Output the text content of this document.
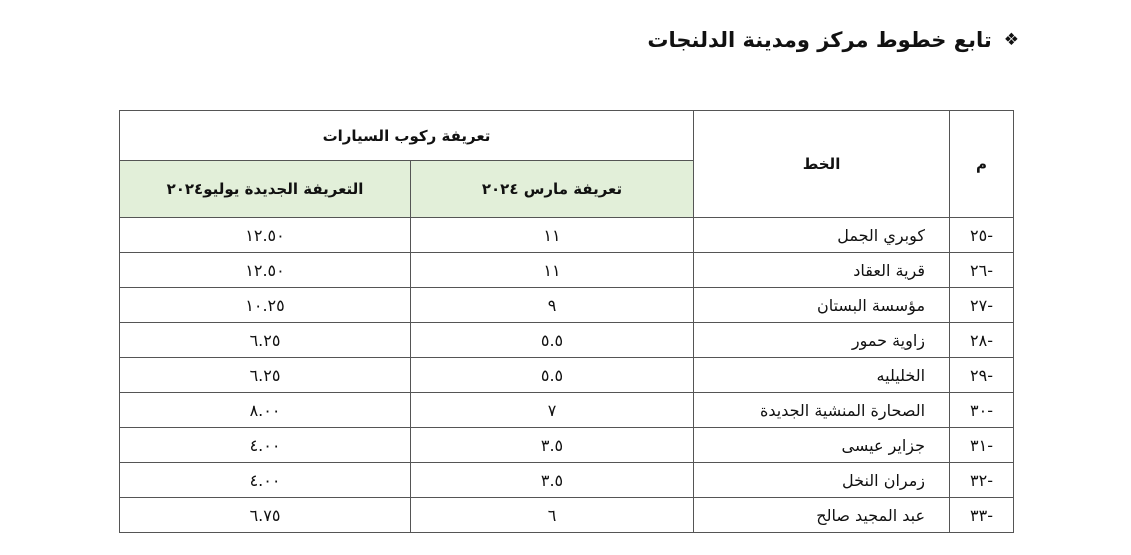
❖
تابع خطوط مركز ومدينة الدلنجات
م	الخط	تعريفة ركوب السيارات	
		تعريفة مارس ٢٠٢٤	التعريفة الجديدة يوليو٢٠٢٤
-٢٥	كوبري الجمل	١١	١٢.٥٠
-٢٦	قرية العقاد	١١	١٢.٥٠
-٢٧	مؤسسة البستان	٩	١٠.٢٥
-٢٨	زاوية حمور	٥.٥	٦.٢٥
-٢٩	الخليليه	٥.٥	٦.٢٥
-٣٠	الصحارة المنشية الجديدة	٧	٨.٠٠
-٣١	جزاير عيسى	٣.٥	٤.٠٠
-٣٢	زمران النخل	٣.٥	٤.٠٠
-٣٣	عبد المجيد صالح	٦	٦.٧٥
